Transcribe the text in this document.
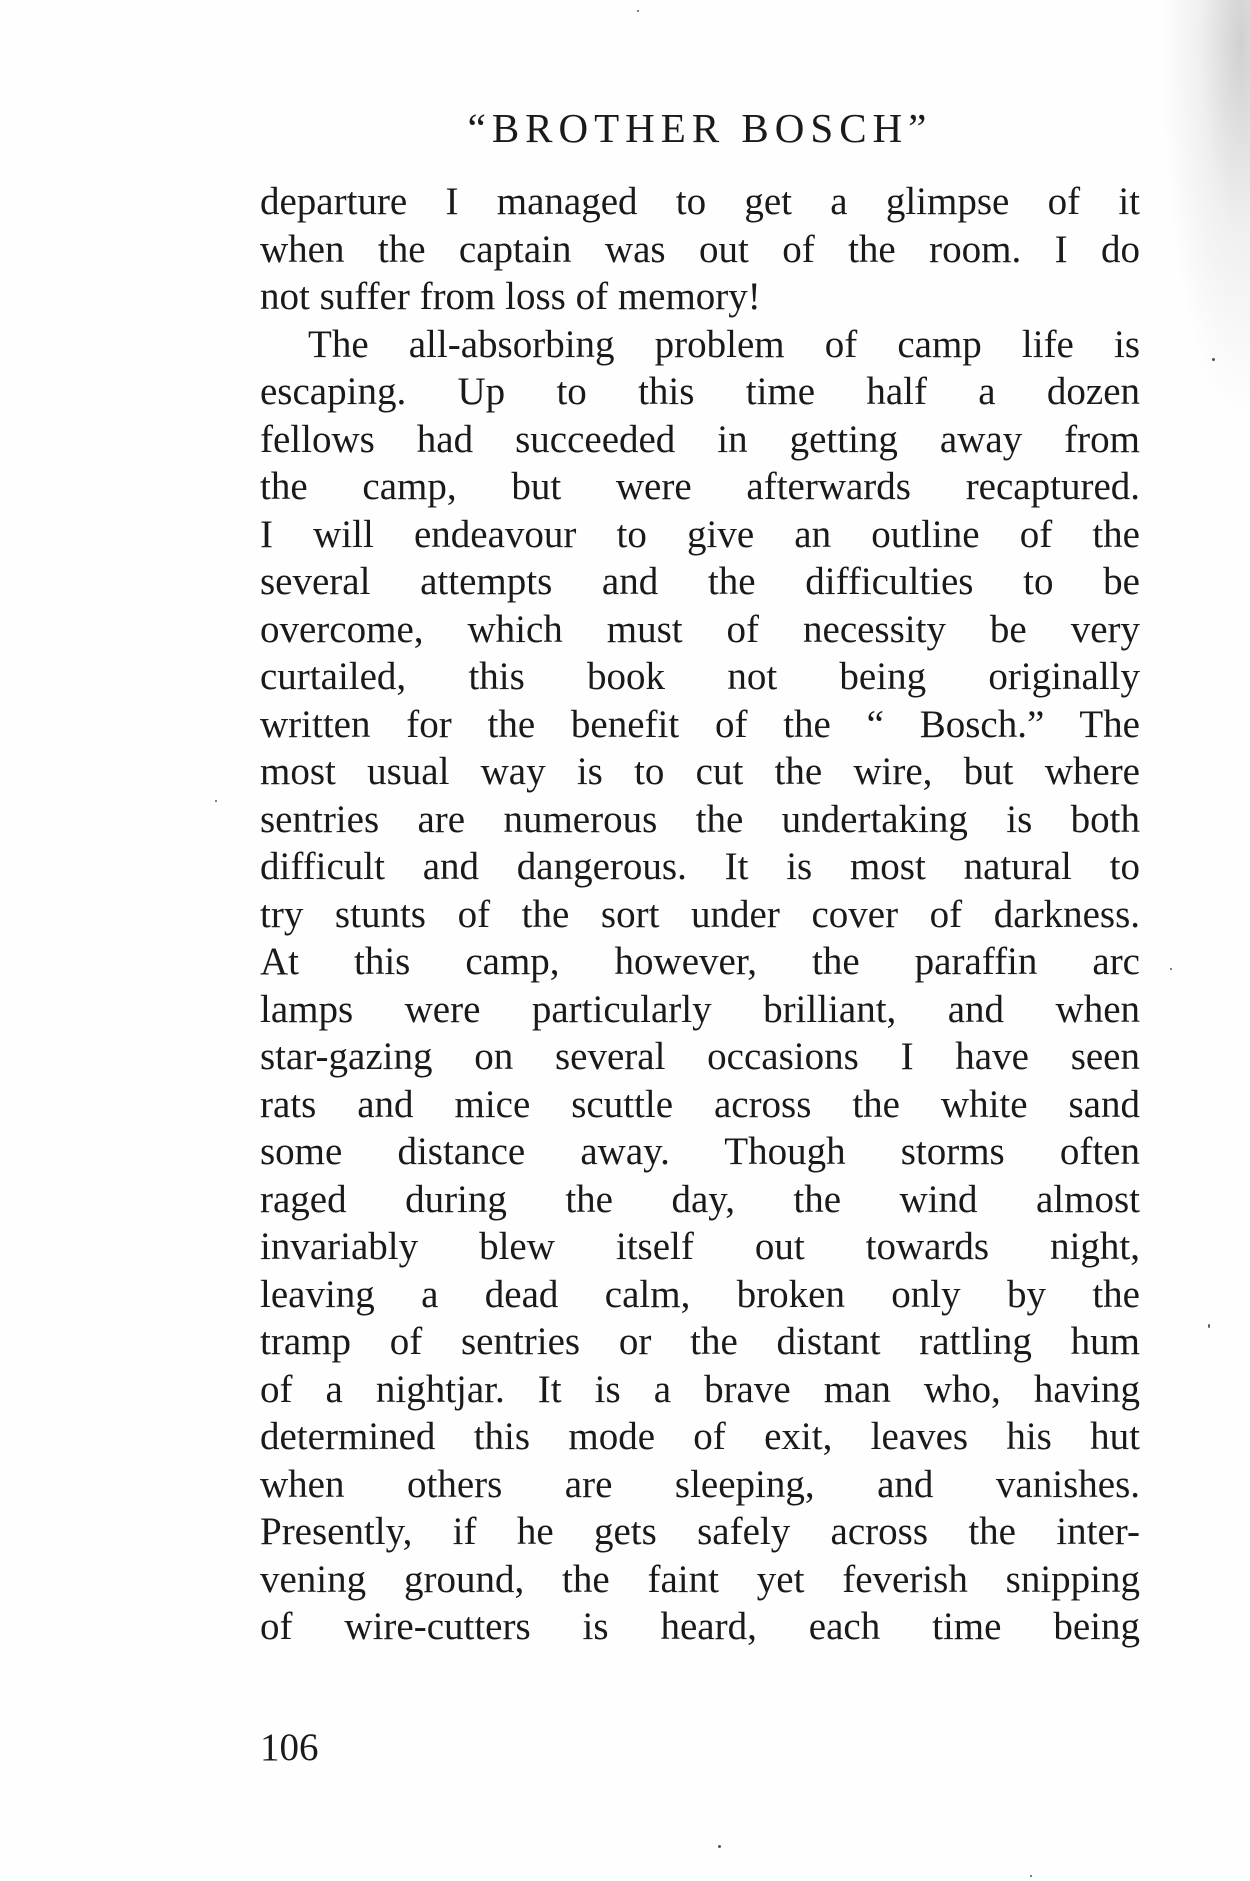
“BROTHER BOSCH”
departure I managed to get a glimpse of it
when the captain was out of the room. I do
not suffer from loss of memory!
The all-absorbing problem of camp life is
escaping. Up to this time half a dozen
fellows had succeeded in getting away from
the camp, but were afterwards recaptured.
I will endeavour to give an outline of the
several attempts and the difficulties to be
overcome, which must of necessity be very
curtailed, this book not being originally
written for the benefit of the “ Bosch.” The
most usual way is to cut the wire, but where
sentries are numerous the undertaking is both
difficult and dangerous. It is most natural to
try stunts of the sort under cover of darkness.
At this camp, however, the paraffin arc
lamps were particularly brilliant, and when
star-gazing on several occasions I have seen
rats and mice scuttle across the white sand
some distance away. Though storms often
raged during the day, the wind almost
invariably blew itself out towards night,
leaving a dead calm, broken only by the
tramp of sentries or the distant rattling hum
of a nightjar. It is a brave man who, having
determined this mode of exit, leaves his hut
when others are sleeping, and vanishes.
Presently, if he gets safely across the inter-
vening ground, the faint yet feverish snipping
of wire-cutters is heard, each time being
106
